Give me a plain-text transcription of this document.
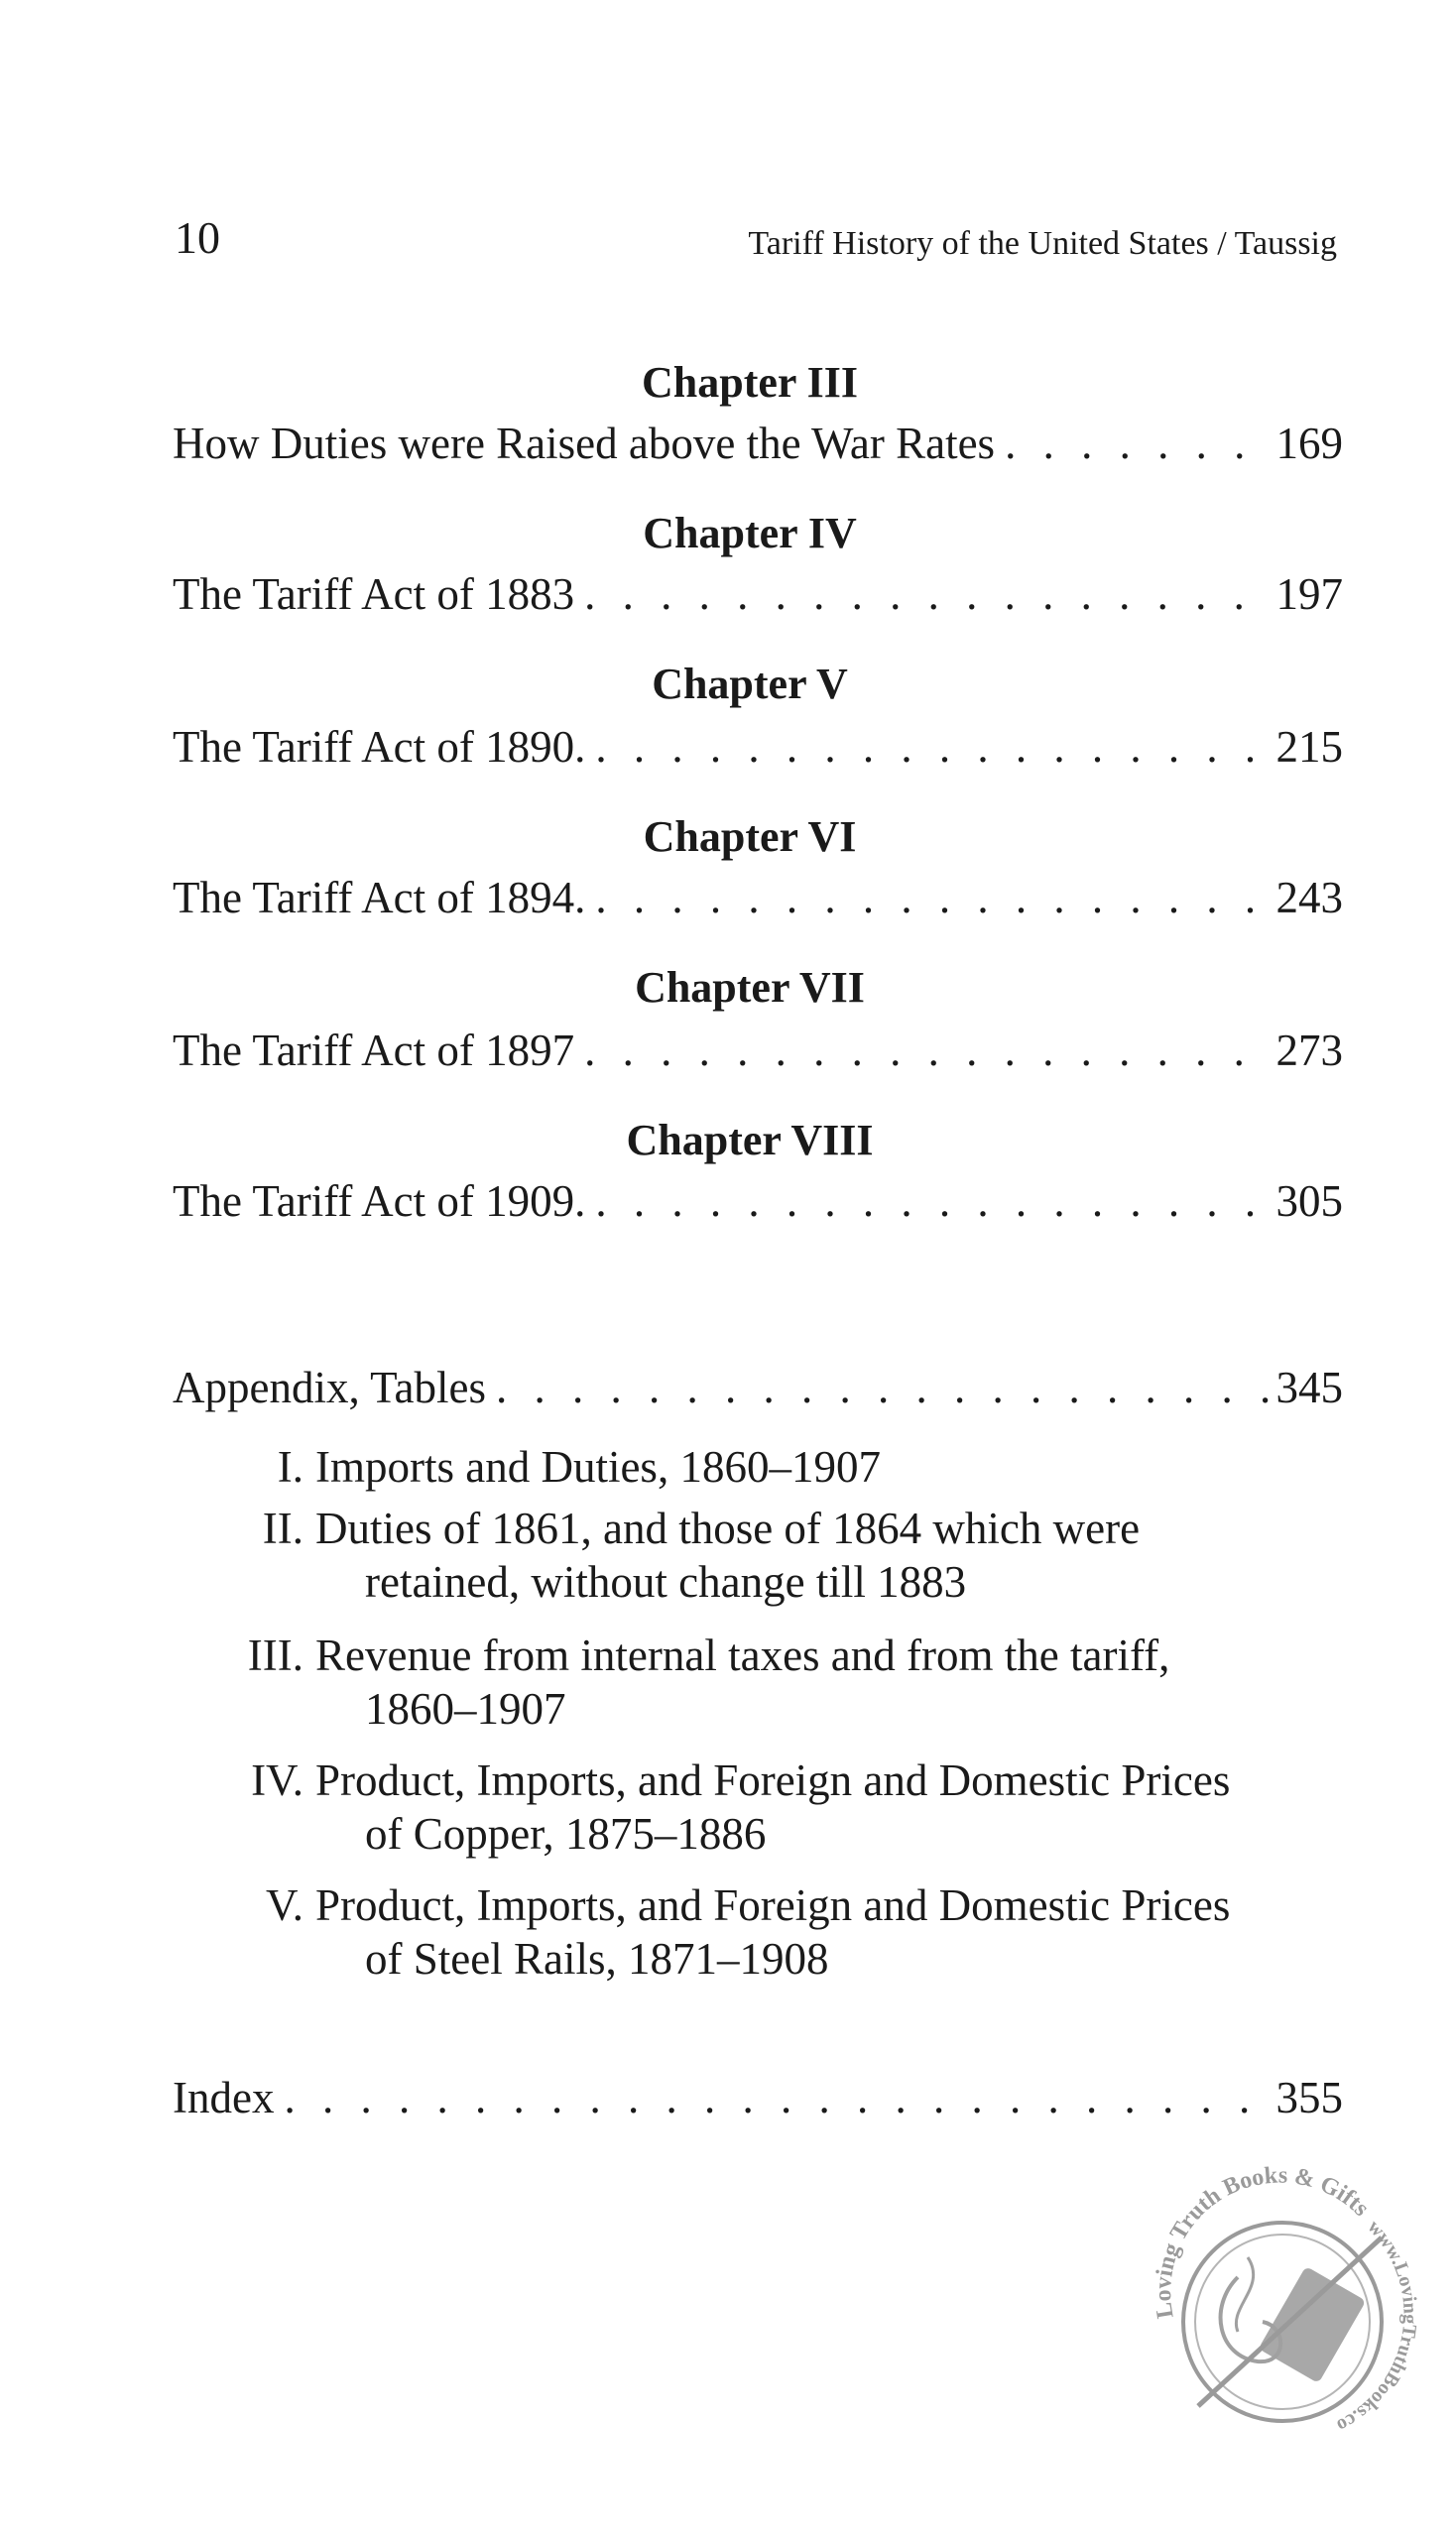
10	Tariff History of the United States / Taussig
Chapter III
How Duties were Raised above the War Rates . . .	169
Chapter IV
The Tariff Act of 1883 . . .	197
Chapter V
The Tariff Act of 1890. . . .	215
Chapter VI
The Tariff Act of 1894. . . .	243
Chapter VII
The Tariff Act of 1897 . . .	273
Chapter VIII
The Tariff Act of 1909. . . .	305
Appendix, Tables . . .	345
I. Imports and Duties, 1860–1907
II. Duties of 1861, and those of 1864 which were
retained, without change till 1883
III. Revenue from internal taxes and from the tariff,
1860–1907
IV. Product, Imports, and Foreign and Domestic Prices
of Copper, 1875–1886
V. Product, Imports, and Foreign and Domestic Prices
of Steel Rails, 1871–1908
Index . . .	355
Loving Truth Books & Gifts
www.LovingTruthBooks.co
